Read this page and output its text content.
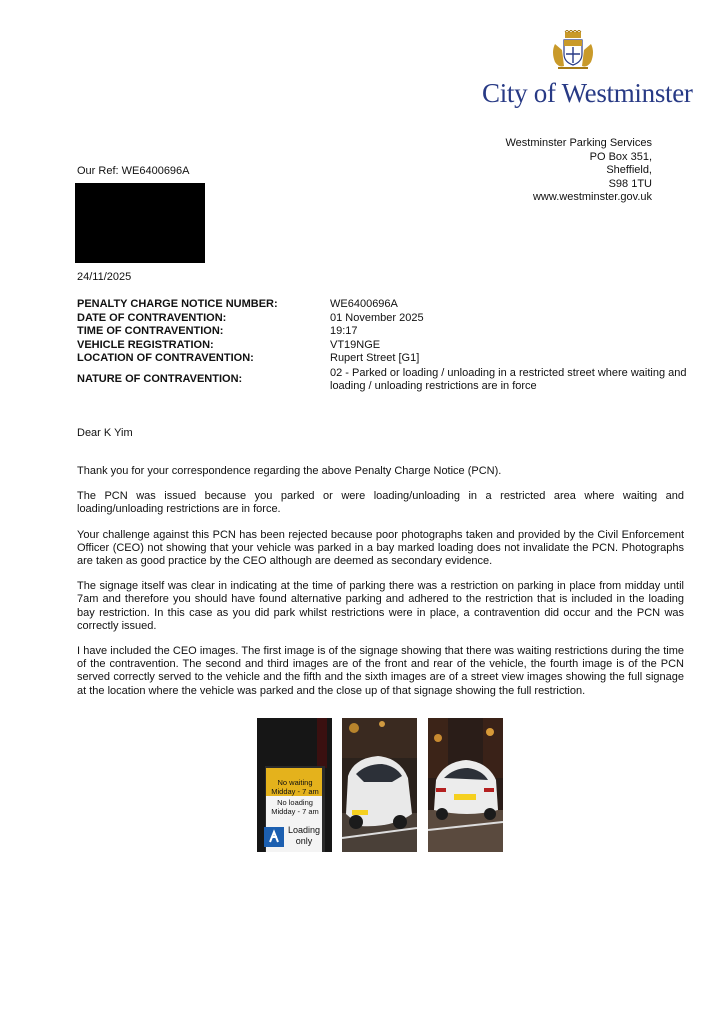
City of Westminster
Westminster Parking Services
PO Box 351,
Sheffield,
S98 1TU
www.westminster.gov.uk
Our Ref: WE6400696A
24/11/2025
PENALTY CHARGE NOTICE NUMBER:	WE6400696A
DATE OF CONTRAVENTION:	01 November 2025
TIME OF CONTRAVENTION:	19:17
VEHICLE REGISTRATION:	VT19NGE
LOCATION OF CONTRAVENTION:	Rupert Street [G1]
NATURE OF CONTRAVENTION:	02 - Parked or loading / unloading in a restricted street where waiting and loading / unloading restrictions are in force
Dear K Yim

Thank you for your correspondence regarding the above Penalty Charge Notice (PCN).

The PCN was issued because you parked or were loading/unloading in a restricted area where waiting and loading/unloading restrictions are in force.

Your challenge against this PCN has been rejected because poor photographs taken and provided by the Civil Enforcement Officer (CEO) not showing that your vehicle was parked in a bay marked loading does not invalidate the PCN. Photographs are taken as good practice by the CEO although are deemed as secondary evidence.

The signage itself was clear in indicating at the time of parking there was a restriction on parking in place from midday until 7am and therefore you should have found alternative parking and adhered to the restriction that is included in the loading bay restriction. In this case as you did park whilst restrictions were in place, a contravention did occur and the PCN was correctly issued.

I have included the CEO images. The first image is of the signage showing that there was waiting restrictions during the time of the contravention. The second and third images are of the front and rear of the vehicle, the fourth image is of the PCN served correctly served to the vehicle and the fifth and the sixth images are of a street view images showing the full signage at the location where the vehicle was parked and the close up of that signage showing the full restriction.

No waiting
Midday - 7 am
No loading
Midday - 7 am
Loading
only
